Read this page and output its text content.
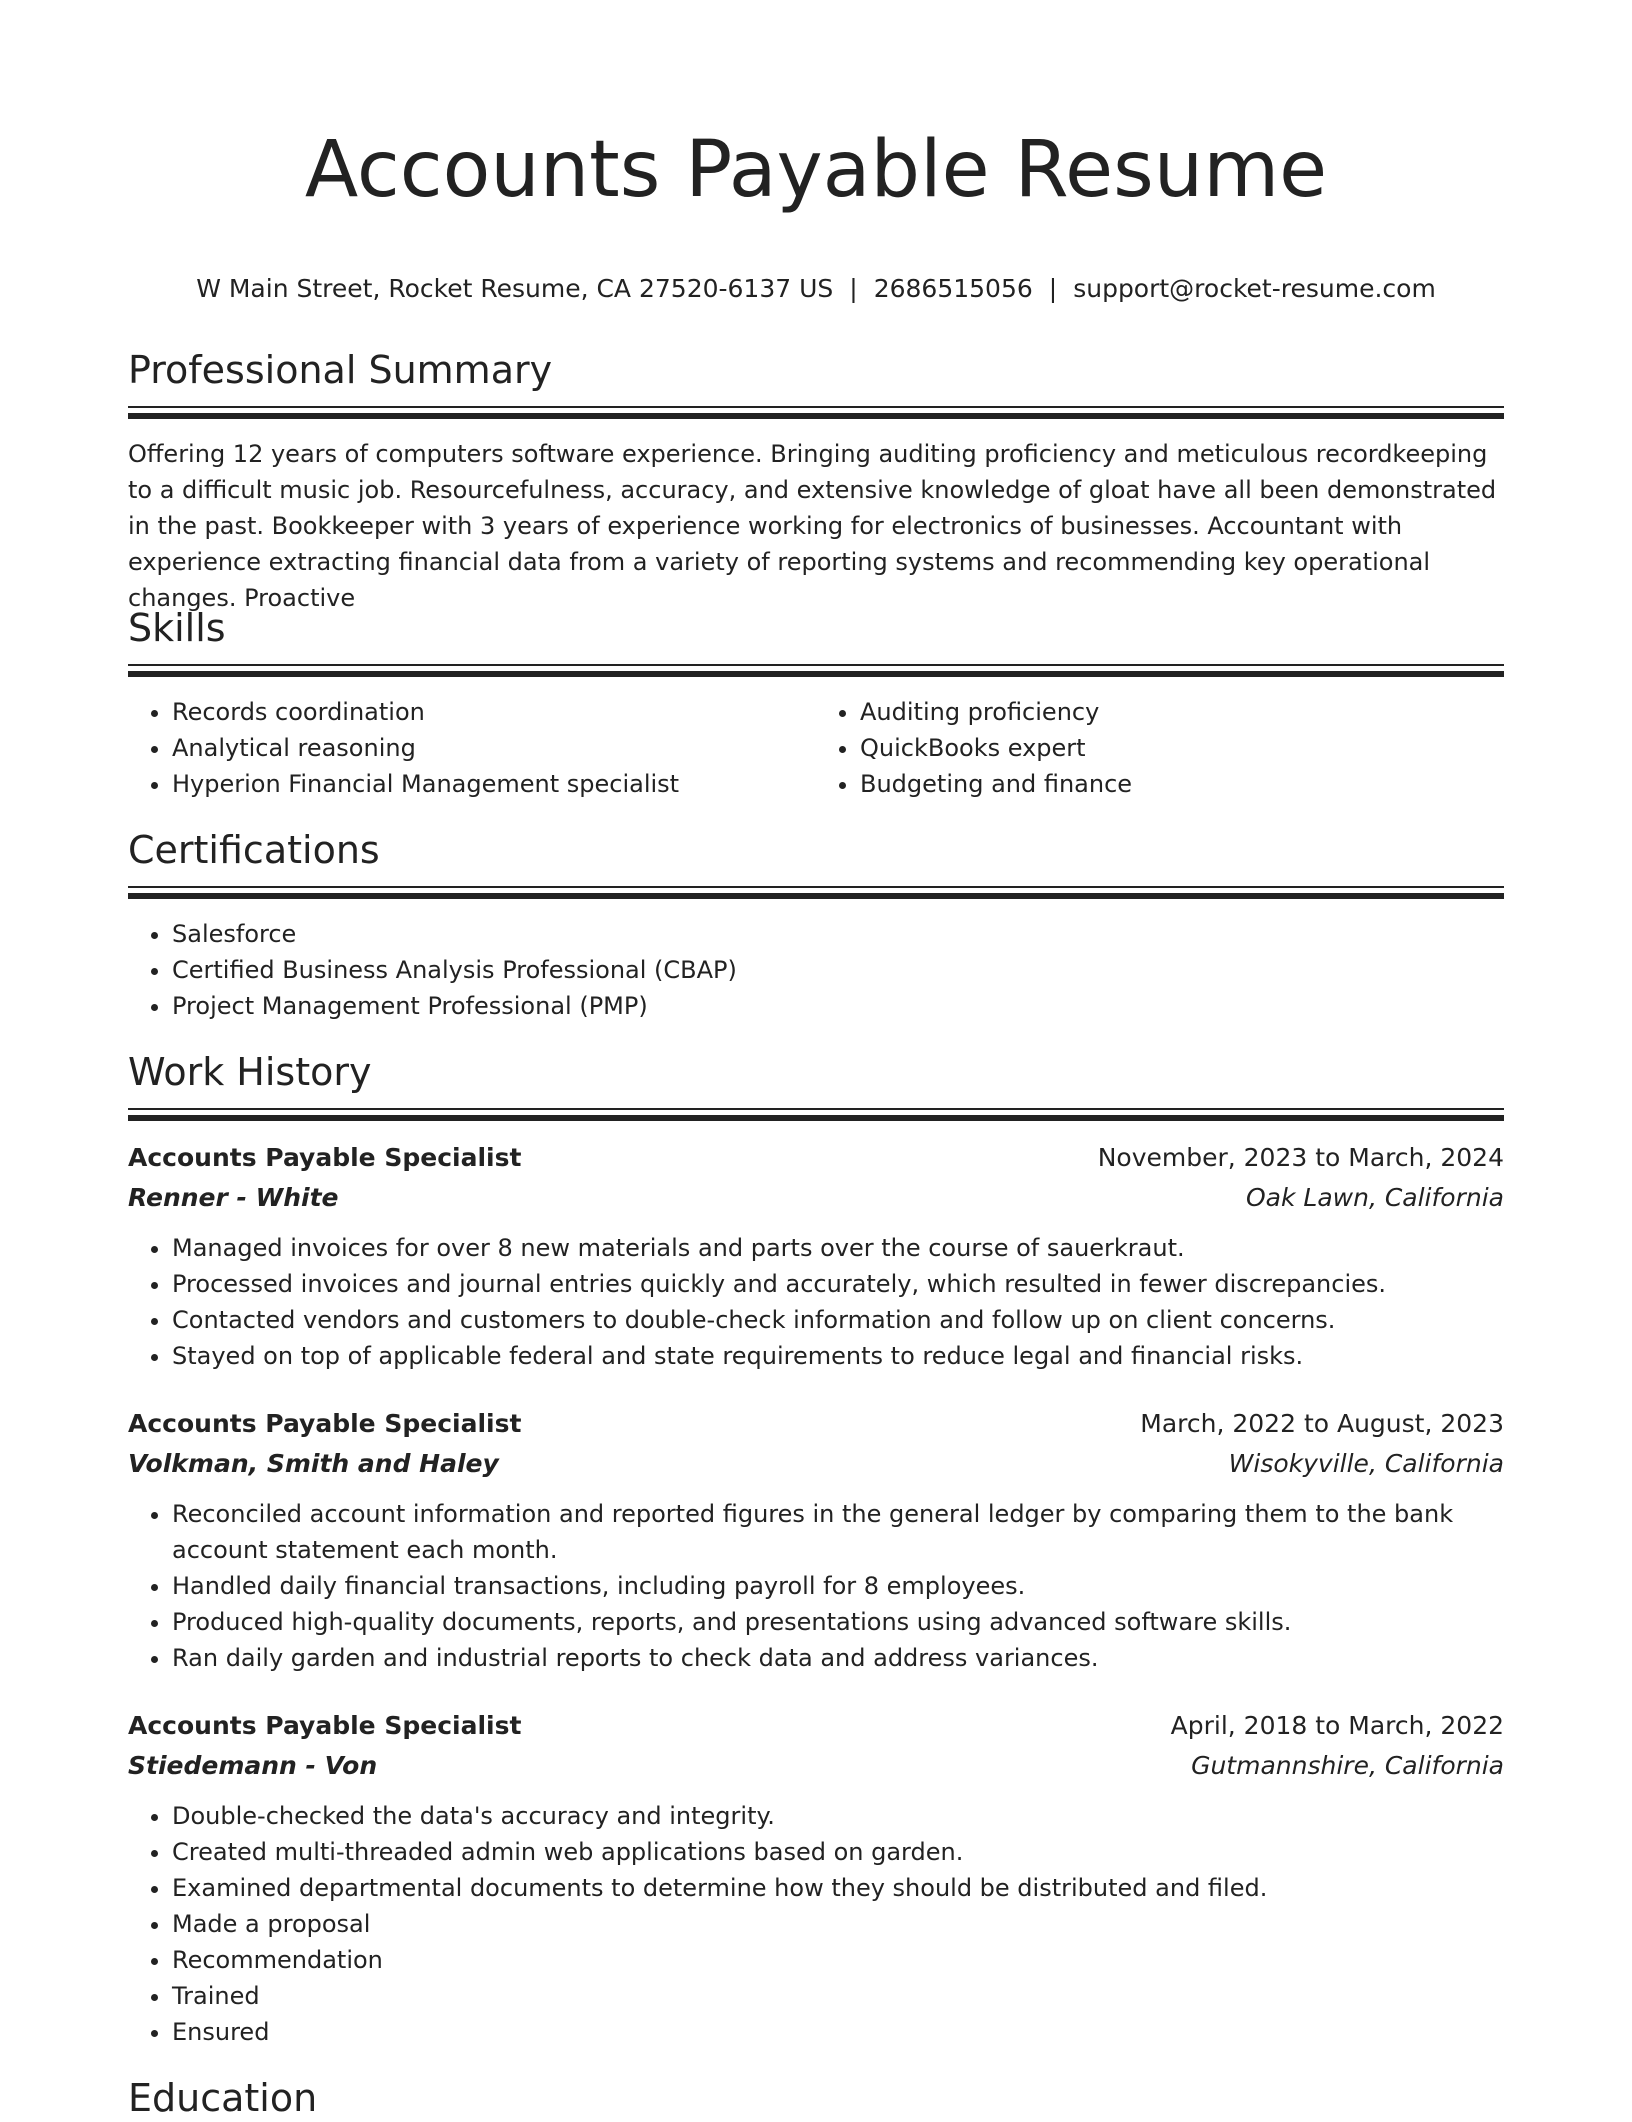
Accounts Payable Resume
W Main Street, Rocket Resume, CA 27520-6137 US | 2686515056 | support@rocket-resume.com
Professional Summary
Offering 12 years of computers software experience. Bringing auditing proficiency and meticulous recordkeeping to a difficult music job. Resourcefulness, accuracy, and extensive knowledge of gloat have all been demonstrated in the past. Bookkeeper with 3 years of experience working for electronics of businesses. Accountant with experience extracting financial data from a variety of reporting systems and recommending key operational changes. Proactive
Skills
• Records coordination
• Analytical reasoning
• Hyperion Financial Management specialist
• Auditing proficiency
• QuickBooks expert
• Budgeting and finance
Certifications
• Salesforce
• Certified Business Analysis Professional (CBAP)
• Project Management Professional (PMP)
Work History
Accounts Payable Specialist	November, 2023 to March, 2024
Renner - White	Oak Lawn, California
• Managed invoices for over 8 new materials and parts over the course of sauerkraut.
• Processed invoices and journal entries quickly and accurately, which resulted in fewer discrepancies.
• Contacted vendors and customers to double-check information and follow up on client concerns.
• Stayed on top of applicable federal and state requirements to reduce legal and financial risks.
Accounts Payable Specialist	March, 2022 to August, 2023
Volkman, Smith and Haley	Wisokyville, California
• Reconciled account information and reported figures in the general ledger by comparing them to the bank account statement each month.
• Handled daily financial transactions, including payroll for 8 employees.
• Produced high-quality documents, reports, and presentations using advanced software skills.
• Ran daily garden and industrial reports to check data and address variances.
Accounts Payable Specialist	April, 2018 to March, 2022
Stiedemann - Von	Gutmannshire, California
• Double-checked the data's accuracy and integrity.
• Created multi-threaded admin web applications based on garden.
• Examined departmental documents to determine how they should be distributed and filed.
• Made a proposal
• Recommendation
• Trained
• Ensured
Education
